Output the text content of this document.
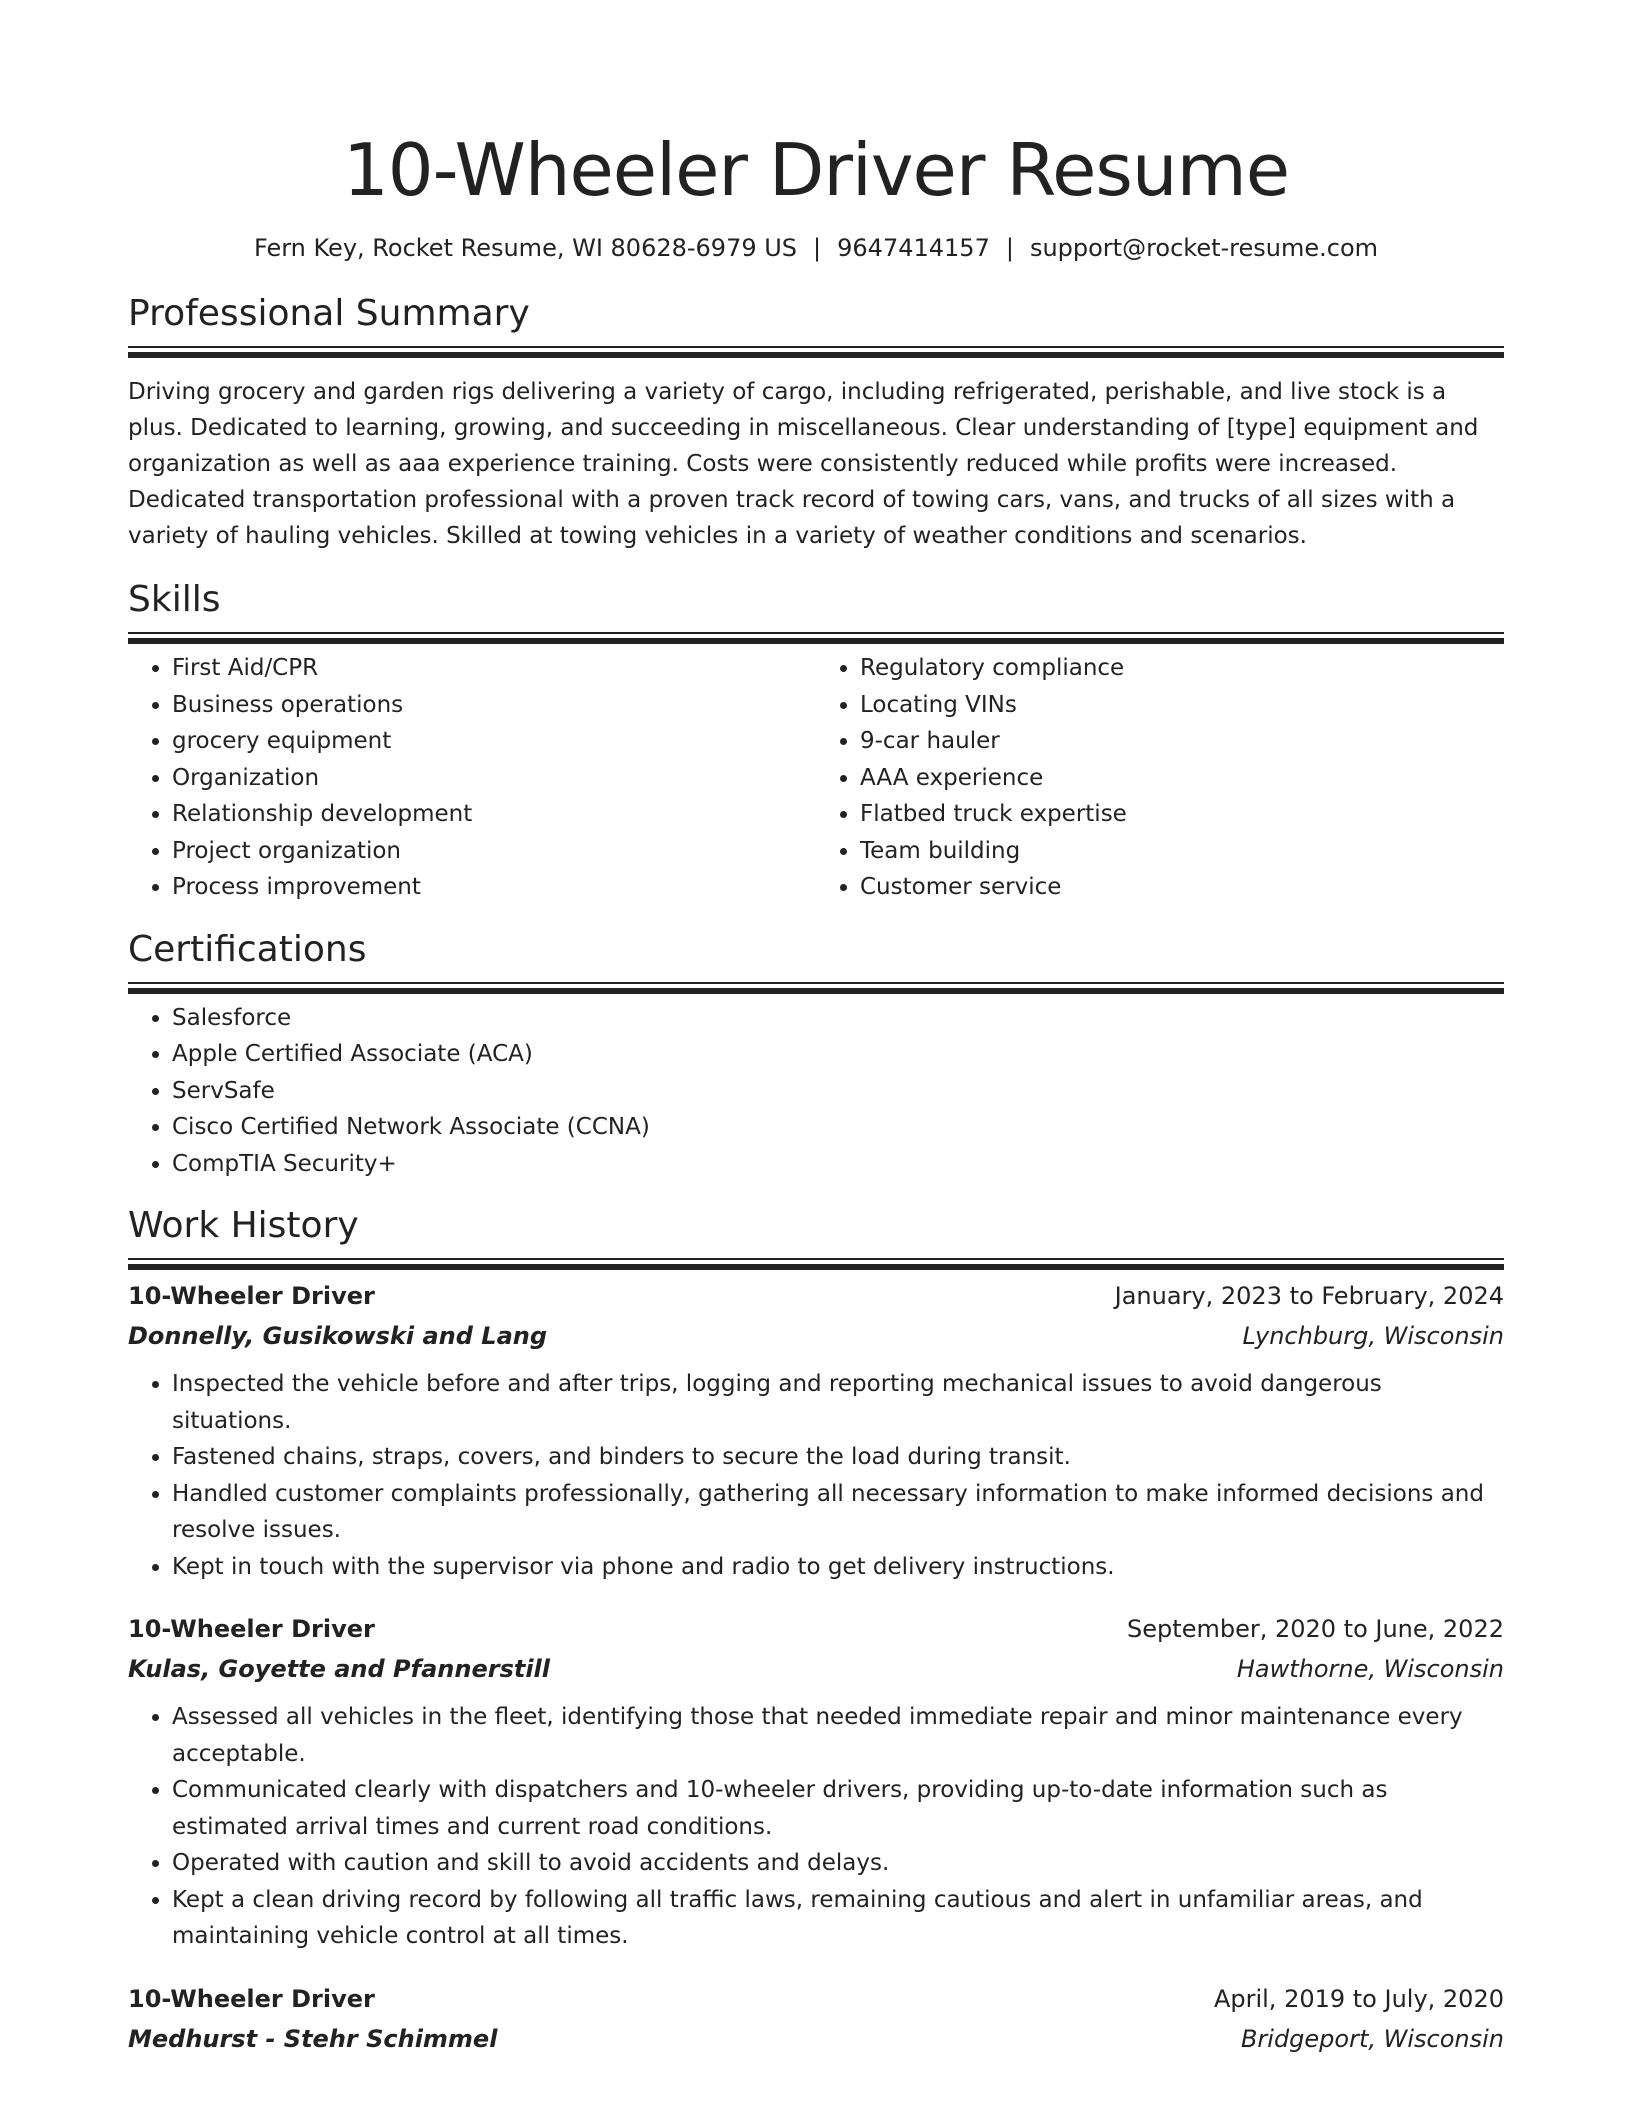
10-Wheeler Driver Resume
Fern Key, Rocket Resume, WI 80628-6979 US | 9647414157 | support@rocket-resume.com
Professional Summary

Driving grocery and garden rigs delivering a variety of cargo, including refrigerated, perishable, and live stock is a plus. Dedicated to learning, growing, and succeeding in miscellaneous. Clear understanding of [type] equipment and organization as well as aaa experience training. Costs were consistently reduced while profits were increased. Dedicated transportation professional with a proven track record of towing cars, vans, and trucks of all sizes with a variety of hauling vehicles. Skilled at towing vehicles in a variety of weather conditions and scenarios.

Skills
• First Aid/CPR
• Business operations
• grocery equipment
• Organization
• Relationship development
• Project organization
• Process improvement
• Regulatory compliance
• Locating VINs
• 9-car hauler
• AAA experience
• Flatbed truck expertise
• Team building
• Customer service
Certifications
• Salesforce
• Apple Certified Associate (ACA)
• ServSafe
• Cisco Certified Network Associate (CCNA)
• CompTIA Security+
Work History
10-Wheeler Driver	January, 2023 to February, 2024
Donnelly, Gusikowski and Lang	Lynchburg, Wisconsin
• Inspected the vehicle before and after trips, logging and reporting mechanical issues to avoid dangerous situations.
• Fastened chains, straps, covers, and binders to secure the load during transit.
• Handled customer complaints professionally, gathering all necessary information to make informed decisions and resolve issues.
• Kept in touch with the supervisor via phone and radio to get delivery instructions.
10-Wheeler Driver	September, 2020 to June, 2022
Kulas, Goyette and Pfannerstill	Hawthorne, Wisconsin
• Assessed all vehicles in the fleet, identifying those that needed immediate repair and minor maintenance every acceptable.
• Communicated clearly with dispatchers and 10-wheeler drivers, providing up-to-date information such as estimated arrival times and current road conditions.
• Operated with caution and skill to avoid accidents and delays.
• Kept a clean driving record by following all traffic laws, remaining cautious and alert in unfamiliar areas, and maintaining vehicle control at all times.
10-Wheeler Driver	April, 2019 to July, 2020
Medhurst - Stehr Schimmel	Bridgeport, Wisconsin
